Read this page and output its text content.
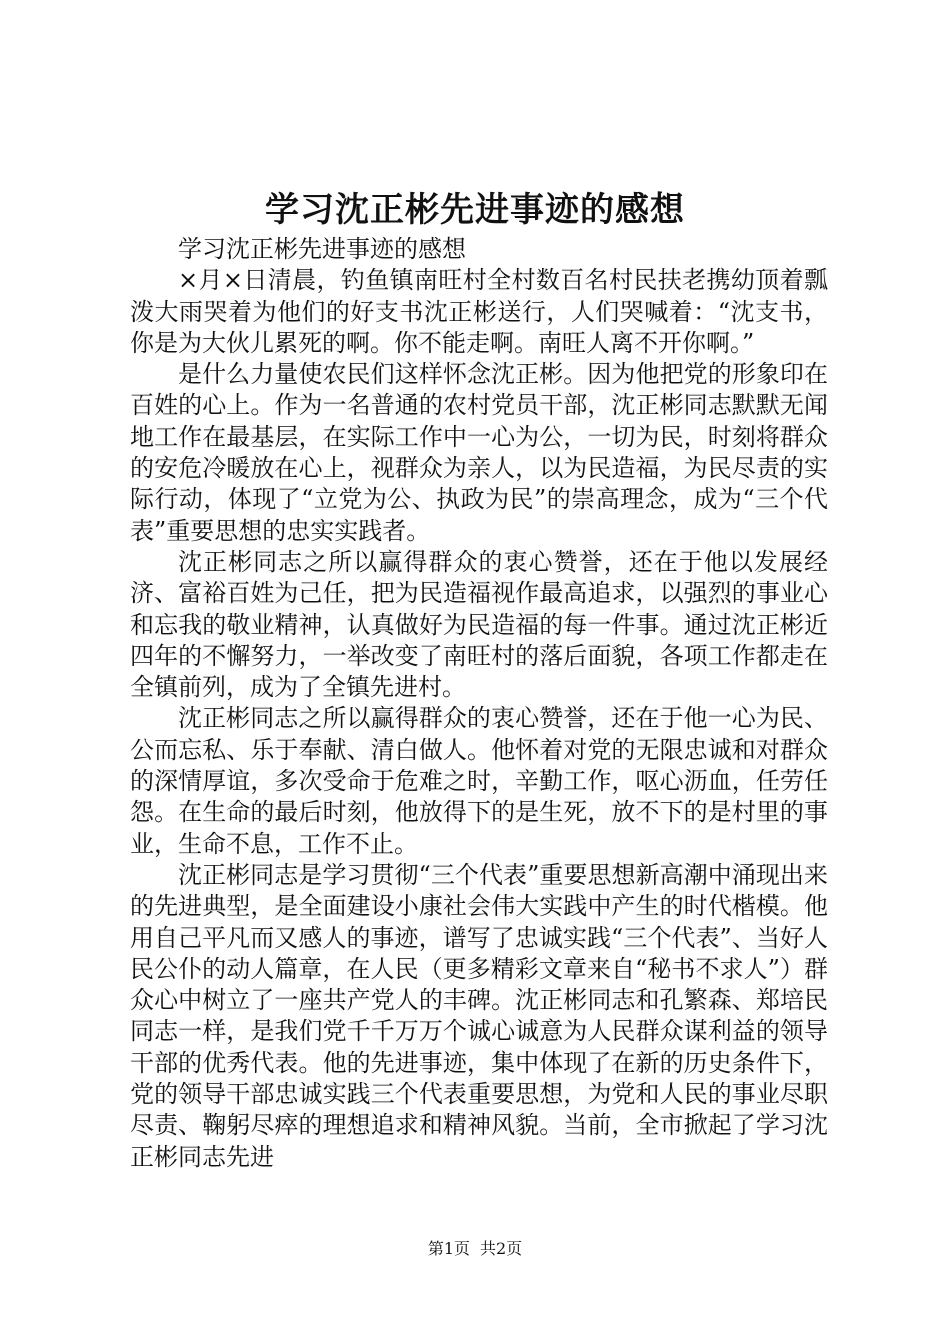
学习沈正彬先进事迹的感想

学习沈正彬先进事迹的感想

×月×日清晨，钓鱼镇南旺村全村数百名村民扶老携幼顶着瓢泼大雨哭着为他们的好支书沈正彬送行，人们哭喊着：“沈支书，你是为大伙儿累死的啊。你不能走啊。南旺人离不开你啊。”

是什么力量使农民们这样怀念沈正彬。因为他把党的形象印在百姓的心上。作为一名普通的农村党员干部，沈正彬同志默默无闻地工作在最基层，在实际工作中一心为公，一切为民，时刻将群众的安危冷暖放在心上，视群众为亲人，以为民造福，为民尽责的实际行动，体现了“立党为公、执政为民”的崇高理念，成为“三个代表”重要思想的忠实实践者。

沈正彬同志之所以赢得群众的衷心赞誉，还在于他以发展经济、富裕百姓为己任，把为民造福视作最高追求，以强烈的事业心和忘我的敬业精神，认真做好为民造福的每一件事。通过沈正彬近四年的不懈努力，一举改变了南旺村的落后面貌，各项工作都走在全镇前列，成为了全镇先进村。

沈正彬同志之所以赢得群众的衷心赞誉，还在于他一心为民、公而忘私、乐于奉献、清白做人。他怀着对党的无限忠诚和对群众的深情厚谊，多次受命于危难之时，辛勤工作，呕心沥血，任劳任怨。在生命的最后时刻，他放得下的是生死，放不下的是村里的事业，生命不息，工作不止。

沈正彬同志是学习贯彻“三个代表”重要思想新高潮中涌现出来的先进典型，是全面建设小康社会伟大实践中产生的时代楷模。他用自己平凡而又感人的事迹，谱写了忠诚实践“三个代表”、当好人民公仆的动人篇章，在人民（更多精彩文章来自“秘书不求人”）群众心中树立了一座共产党人的丰碑。沈正彬同志和孔繁森、郑培民同志一样，是我们党千千万万个诚心诚意为人民群众谋利益的领导干部的优秀代表。他的先进事迹，集中体现了在新的历史条件下，党的领导干部忠诚实践三个代表重要思想，为党和人民的事业尽职尽责、鞠躬尽瘁的理想追求和精神风貌。当前，全市掀起了学习沈正彬同志先进

第1页 共2页
